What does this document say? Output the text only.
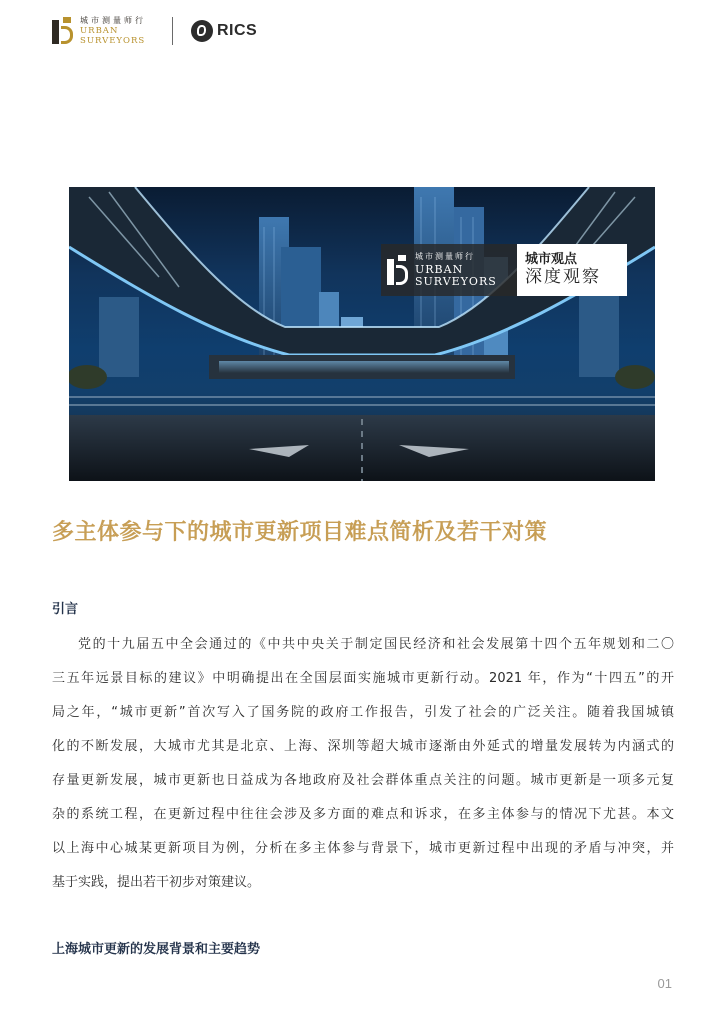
城市测量师行
URBAN
SURVEYORS
RICS
城市测量师行
URBAN
SURVEYORS
城市观点
深度观察
多主体参与下的城市更新项目难点简析及若干对策
引言
党的十九届五中全会通过的《中共中央关于制定国民经济和社会发展第十四个五年规划和二〇
三五年远景目标的建议》中明确提出在全国层面实施城市更新行动。2021 年，作为“十四五”的开
局之年，“城市更新”首次写入了国务院的政府工作报告，引发了社会的广泛关注。随着我国城镇
化的不断发展，大城市尤其是北京、上海、深圳等超大城市逐渐由外延式的增量发展转为内涵式的
存量更新发展，城市更新也日益成为各地政府及社会群体重点关注的问题。城市更新是一项多元复
杂的系统工程，在更新过程中往往会涉及多方面的难点和诉求，在多主体参与的情况下尤甚。本文
以上海中心城某更新项目为例，分析在多主体参与背景下，城市更新过程中出现的矛盾与冲突，并
基于实践，提出若干初步对策建议。
上海城市更新的发展背景和主要趋势
01
